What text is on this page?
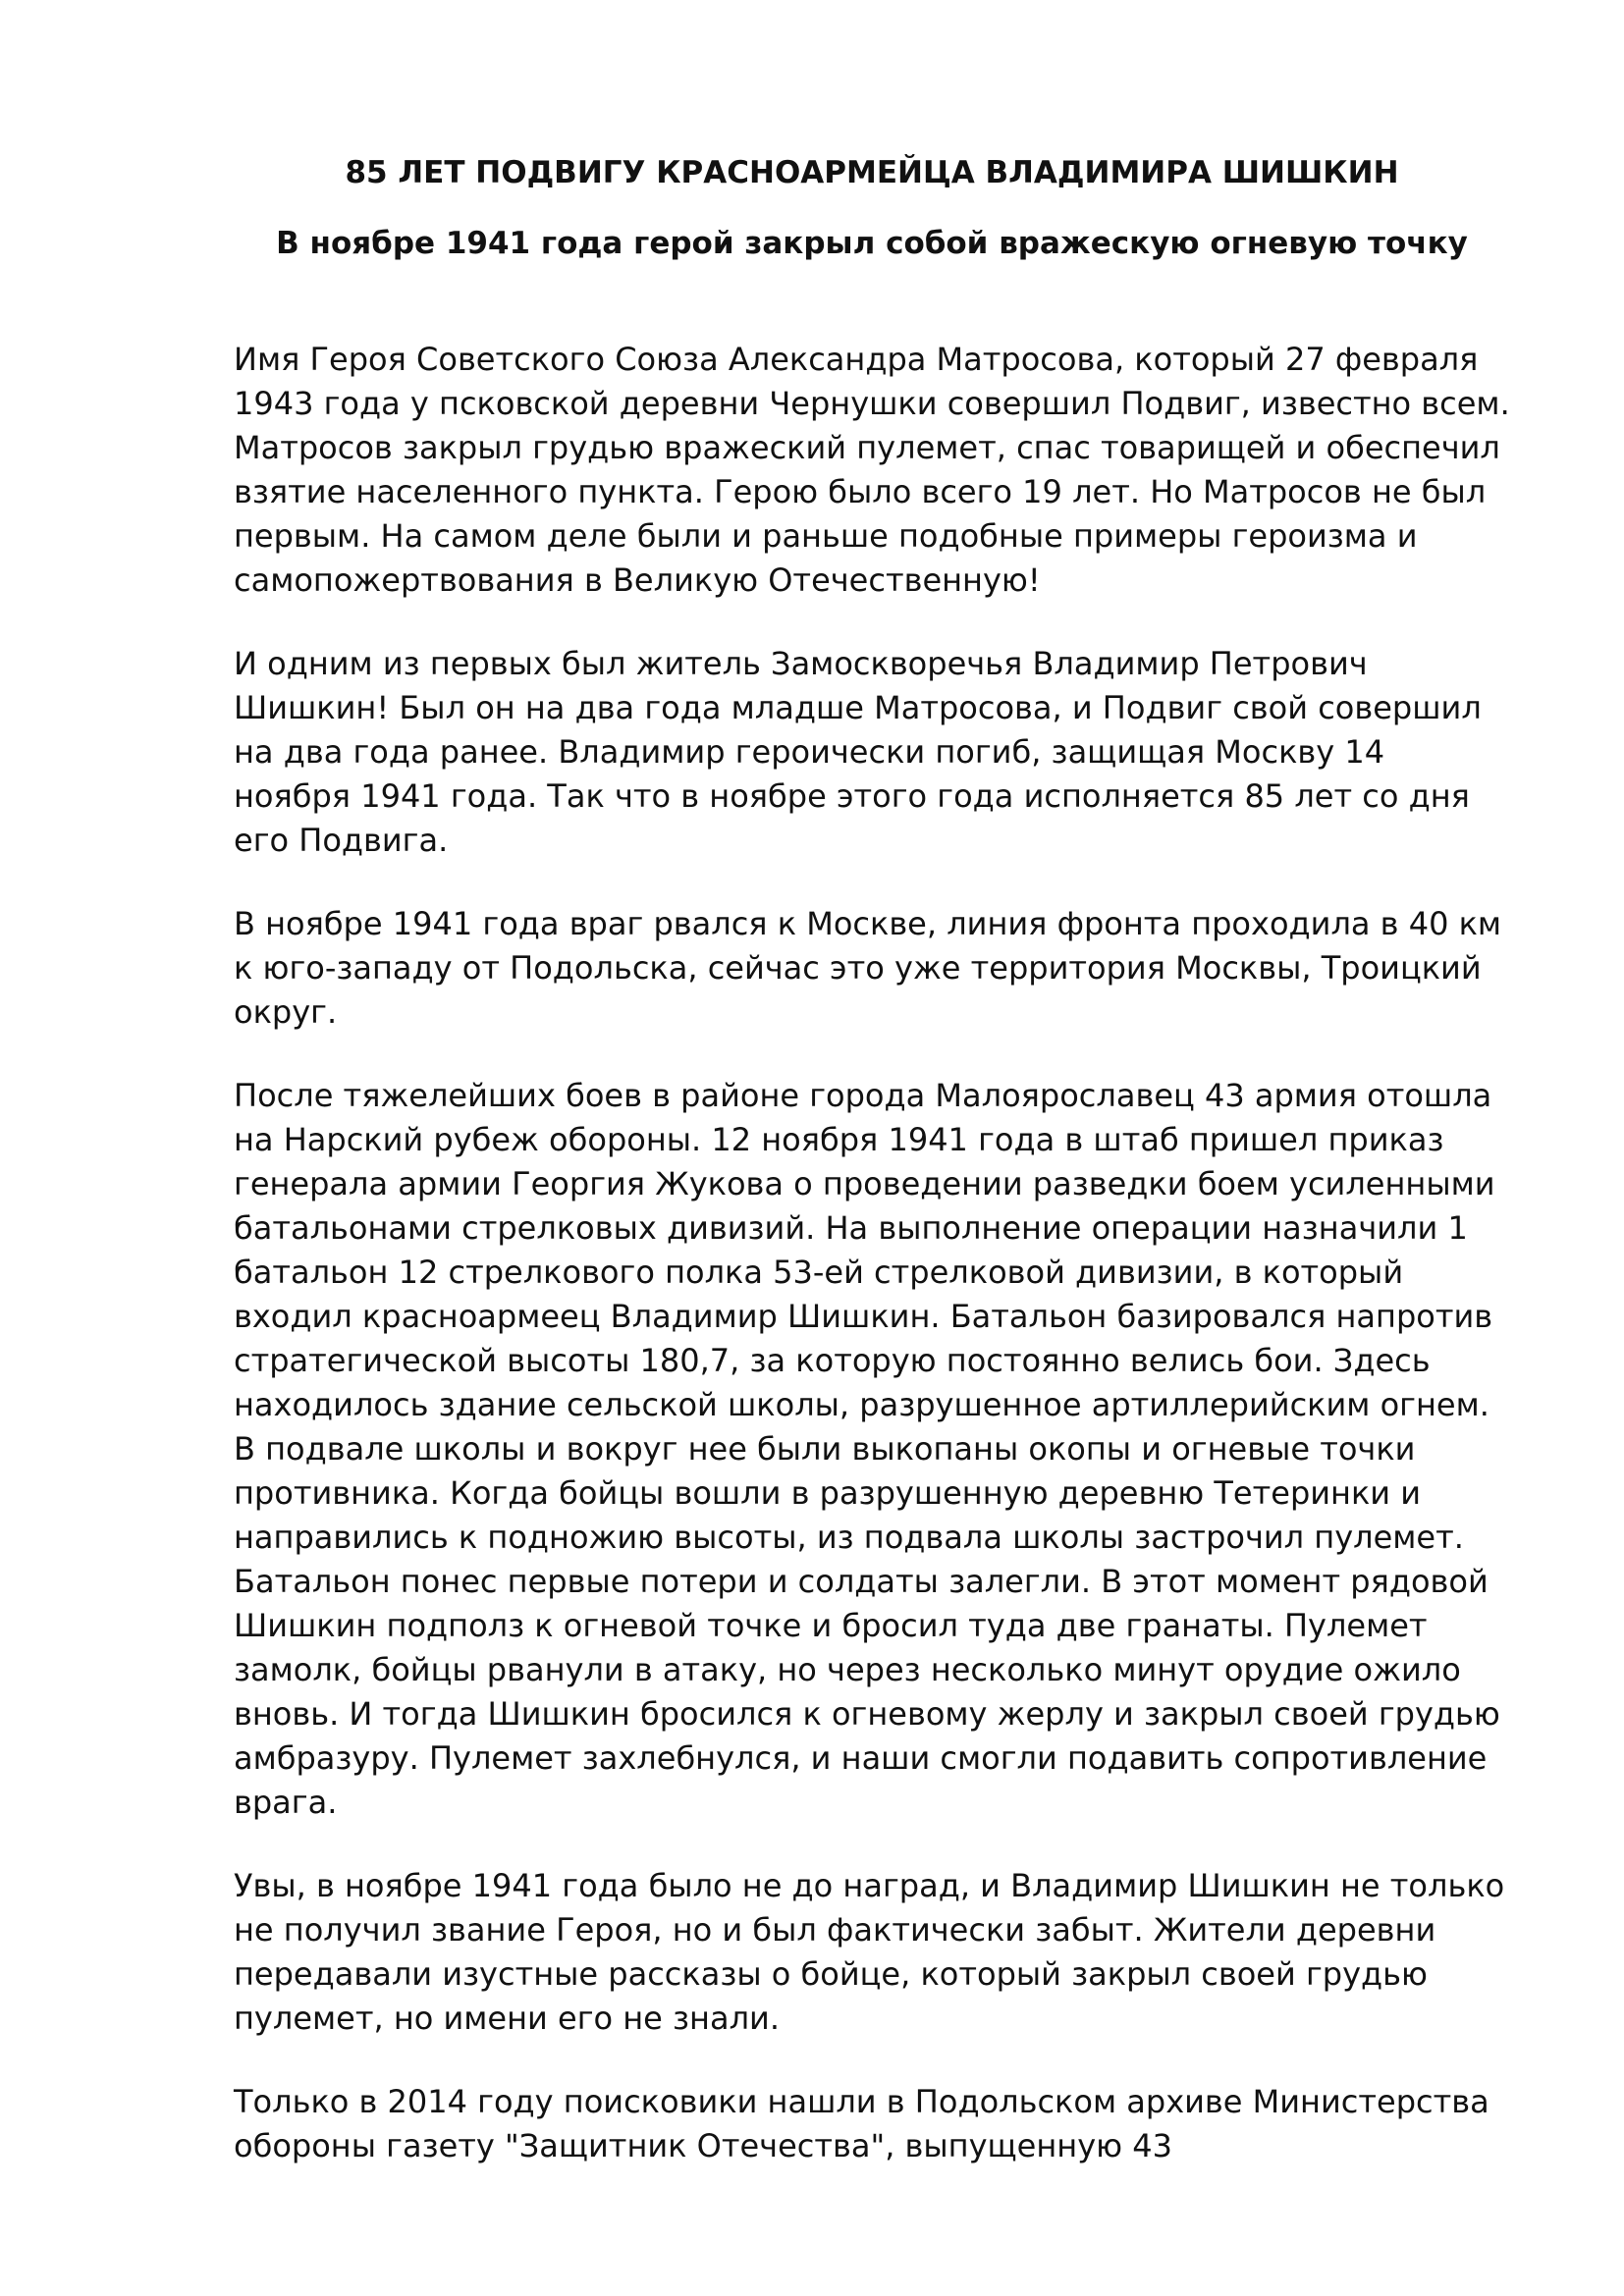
85 ЛЕТ ПОДВИГУ КРАСНОАРМЕЙЦА ВЛАДИМИРА ШИШКИН
В ноябре 1941 года герой закрыл собой вражескую огневую точку

Имя Героя Советского Союза Александра Матросова, который 27 февраля 1943 года у псковской деревни Чернушки совершил Подвиг, известно всем. Матросов закрыл грудью вражеский пулемет, спас товарищей и обеспечил взятие населенного пункта. Герою было всего 19 лет. Но Матросов не был первым. На самом деле были и раньше подобные примеры героизма и самопожертвования в Великую Отечественную!

И одним из первых был житель Замоскворечья Владимир Петрович Шишкин! Был он на два года младше Матросова, и Подвиг свой совершил на два года ранее. Владимир героически погиб, защищая Москву 14 ноября 1941 года. Так что в ноябре этого года исполняется 85 лет со дня его Подвига.

В ноябре 1941 года враг рвался к Москве, линия фронта проходила в 40 км к юго-западу от Подольска, сейчас это уже территория Москвы, Троицкий округ.

После тяжелейших боев в районе города Малоярославец 43 армия отошла на Нарский рубеж обороны. 12 ноября 1941 года в штаб пришел приказ генерала армии Георгия Жукова о проведении разведки боем усиленными батальонами стрелковых дивизий. На выполнение операции назначили 1 батальон 12 стрелкового полка 53-ей стрелковой дивизии, в который входил красноармеец Владимир Шишкин. Батальон базировался напротив стратегической высоты 180,7, за которую постоянно велись бои. Здесь находилось здание сельской школы, разрушенное артиллерийским огнем. В подвале школы и вокруг нее были выкопаны окопы и огневые точки противника. Когда бойцы вошли в разрушенную деревню Тетеринки и направились к подножию высоты, из подвала школы застрочил пулемет. Батальон понес первые потери и солдаты залегли. В этот момент рядовой Шишкин подполз к огневой точке и бросил туда две гранаты. Пулемет замолк, бойцы рванули в атаку, но через несколько минут орудие ожило вновь. И тогда Шишкин бросился к огневому жерлу и закрыл своей грудью амбразуру. Пулемет захлебнулся, и наши смогли подавить сопротивление врага.

Увы, в ноябре 1941 года было не до наград, и Владимир Шишкин не только не получил звание Героя, но и был фактически забыт. Жители деревни передавали изустные рассказы о бойце, который закрыл своей грудью пулемет, но имени его не знали.

Только в 2014 году поисковики нашли в Подольском архиве Министерства обороны газету "Защитник Отечества", выпущенную 43
